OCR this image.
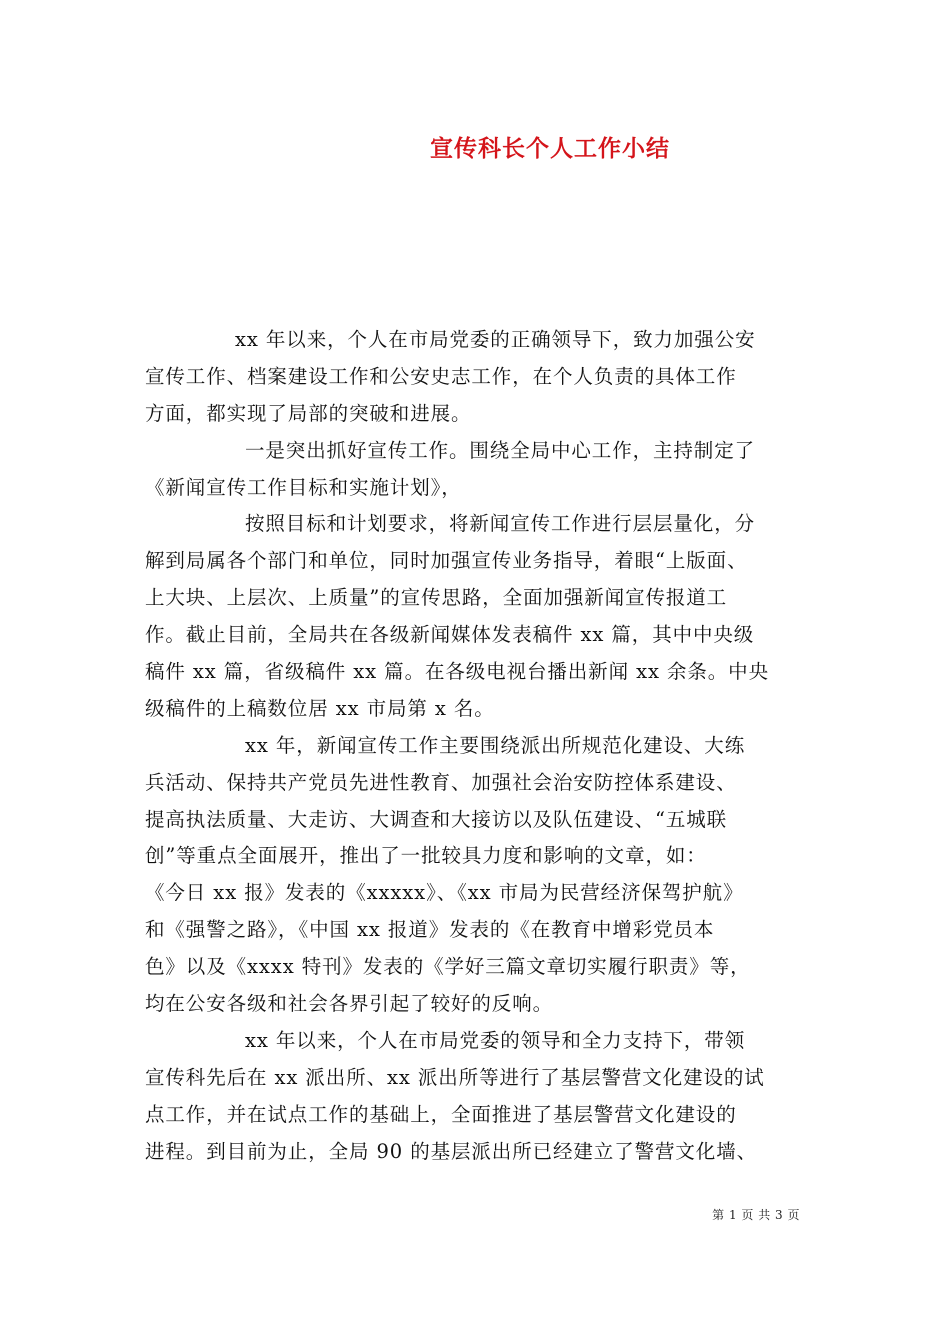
宣传科长个人工作小结
xx 年以来，个人在市局党委的正确领导下，致力加强公安
宣传工作、档案建设工作和公安史志工作，在个人负责的具体工作
方面，都实现了局部的突破和进展。
一是突出抓好宣传工作。围绕全局中心工作，主持制定了
《新闻宣传工作目标和实施计划》，
按照目标和计划要求，将新闻宣传工作进行层层量化，分
解到局属各个部门和单位，同时加强宣传业务指导，着眼“上版面、
上大块、上层次、上质量”的宣传思路，全面加强新闻宣传报道工
作。截止目前，全局共在各级新闻媒体发表稿件 xx 篇，其中中央级
稿件 xx 篇，省级稿件 xx 篇。在各级电视台播出新闻 xx 余条。中央
级稿件的上稿数位居 xx 市局第 x 名。
xx 年，新闻宣传工作主要围绕派出所规范化建设、大练
兵活动、保持共产党员先进性教育、加强社会治安防控体系建设、
提高执法质量、大走访、大调查和大接访以及队伍建设、“五城联
创”等重点全面展开，推出了一批较具力度和影响的文章，如：
《今日 xx 报》发表的《xxxxx》、《xx 市局为民营经济保驾护航》
和《强警之路》，《中国 xx 报道》发表的《在教育中增彩党员本
色》以及《xxxx 特刊》发表的《学好三篇文章切实履行职责》等，
均在公安各级和社会各界引起了较好的反响。
xx 年以来，个人在市局党委的领导和全力支持下，带领
宣传科先后在 xx 派出所、xx 派出所等进行了基层警营文化建设的试
点工作，并在试点工作的基础上，全面推进了基层警营文化建设的
进程。到目前为止，全局 90 的基层派出所已经建立了警营文化墙、
第 1 页 共 3 页
